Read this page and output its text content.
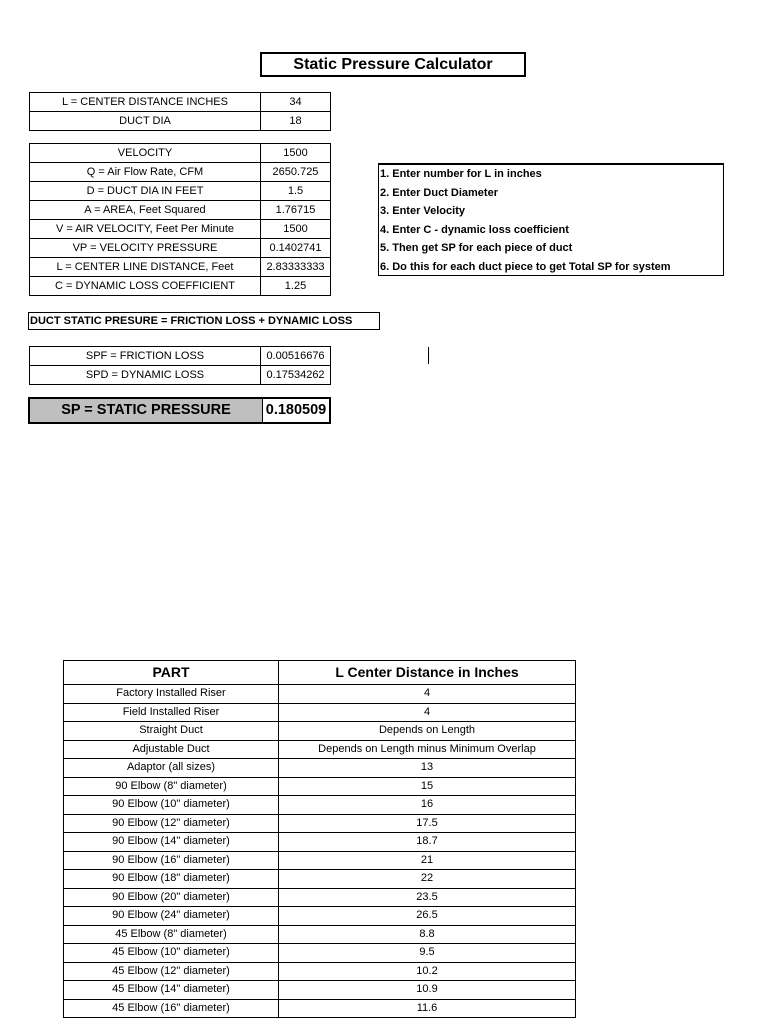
Static Pressure Calculator
L = CENTER DISTANCE INCHES	34
DUCT DIA	18
VELOCITY	1500
Q = Air Flow Rate, CFM	2650.725
D = DUCT DIA IN FEET	1.5
A = AREA, Feet Squared	1.76715
V = AIR VELOCITY, Feet Per Minute	1500
VP = VELOCITY PRESSURE	0.1402741
L = CENTER LINE DISTANCE, Feet	2.83333333
C = DYNAMIC LOSS COEFFICIENT	1.25
1. Enter number for L in inches
2. Enter Duct Diameter
3. Enter Velocity
4. Enter C - dynamic loss coefficient
5. Then get SP for each piece of duct
6. Do this for each duct piece to get Total SP for system
DUCT STATIC PRESURE = FRICTION LOSS + DYNAMIC LOSS
SPF = FRICTION LOSS	0.00516676
SPD = DYNAMIC LOSS	0.17534262
SP = STATIC PRESSURE	0.180509
PART	L Center Distance in Inches
Factory Installed Riser	4
Field Installed Riser	4
Straight Duct	Depends on Length
Adjustable Duct	Depends on Length minus Minimum Overlap
Adaptor (all sizes)	13
90 Elbow (8" diameter)	15
90 Elbow (10" diameter)	16
90 Elbow (12" diameter)	17.5
90 Elbow (14" diameter)	18.7
90 Elbow (16" diameter)	21
90 Elbow (18" diameter)	22
90 Elbow (20" diameter)	23.5
90 Elbow (24" diameter)	26.5
45 Elbow (8" diameter)	8.8
45 Elbow (10" diameter)	9.5
45 Elbow (12" diameter)	10.2
45 Elbow (14" diameter)	10.9
45 Elbow (16" diameter)	11.6
